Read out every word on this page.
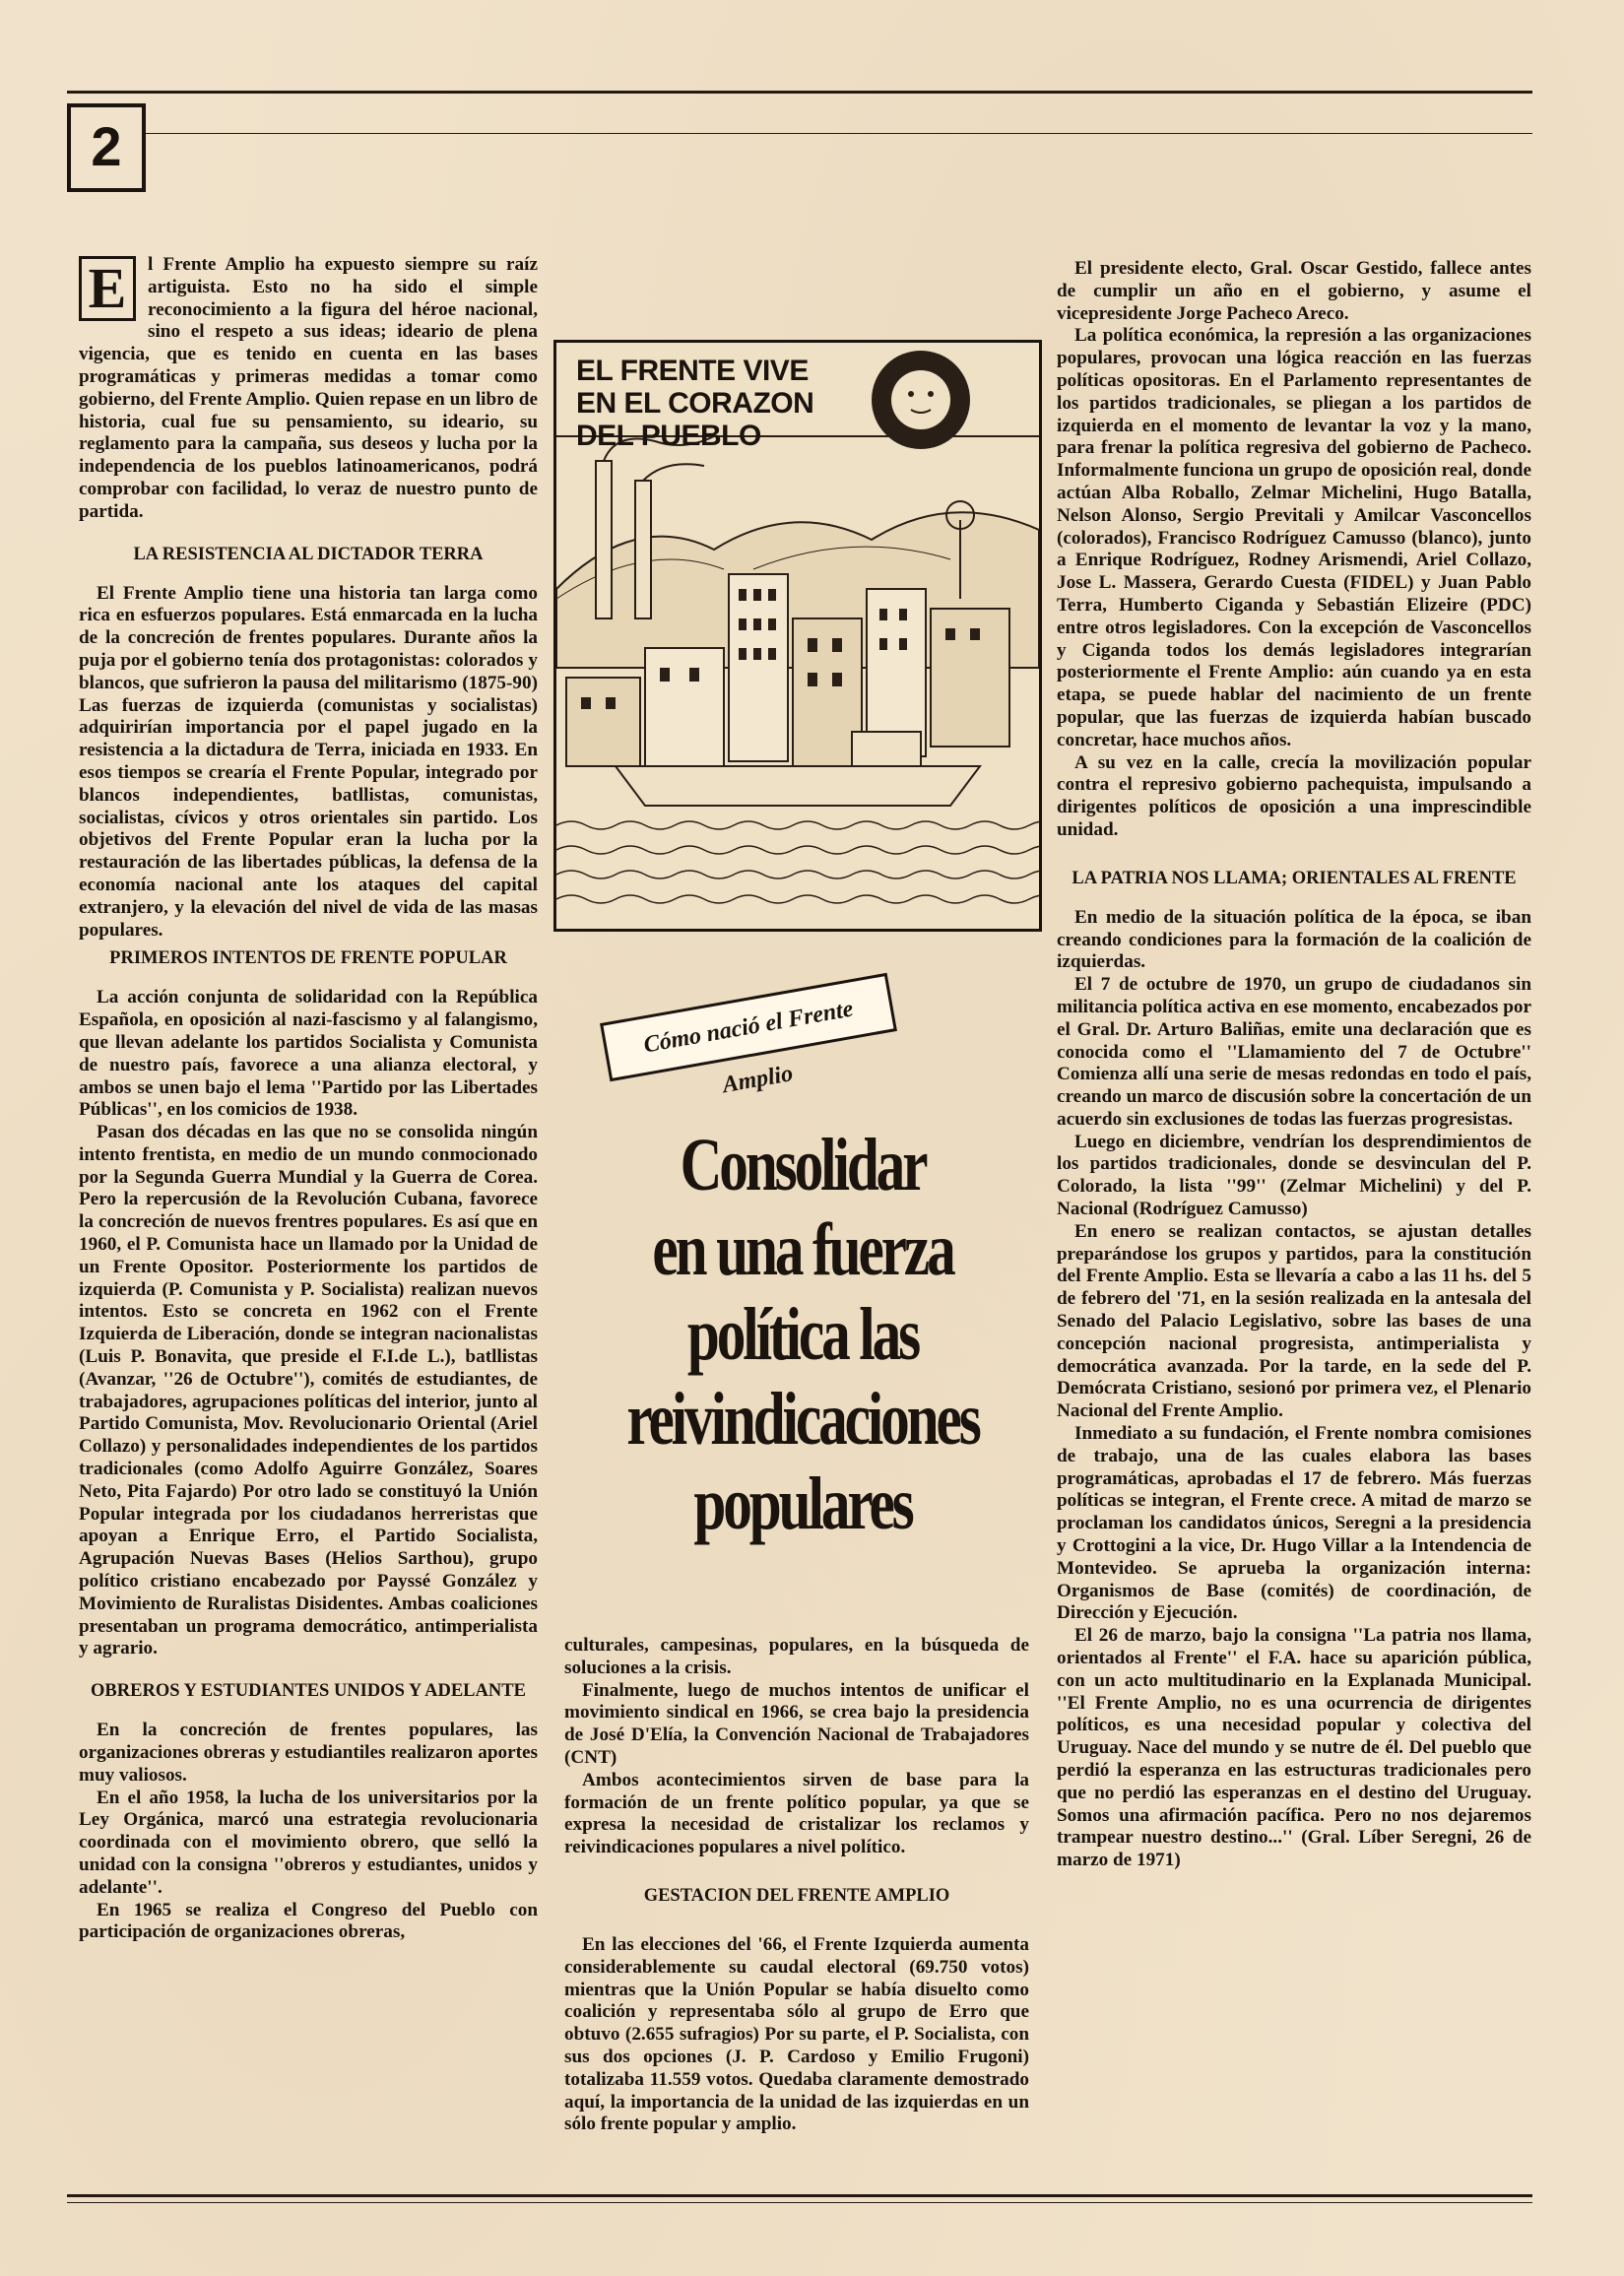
2
E	l Frente Amplio ha expuesto siempre su raíz artiguista. Esto no ha sido el simple reconocimiento a la figura del héroe nacional, sino el respeto a sus ideas; ideario de plena vigencia, que es tenido en cuenta en las bases programáticas y primeras medidas a tomar como gobierno, del Frente Amplio. Quien repase en un libro de historia, cual fue su pensamiento, su ideario, su reglamento para la campaña, sus deseos y lucha por la independencia de los pueblos latinoamericanos, podrá comprobar con facilidad, lo veraz de nuestro punto de partida.

LA RESISTENCIA AL DICTADOR TERRA

El Frente Amplio tiene una historia tan larga como rica en esfuerzos populares. Está enmarcada en la lucha de la concreción de frentes populares. Durante años la puja por el gobierno tenía dos protagonistas: colorados y blancos, que sufrieron la pausa del militarismo (1875-90) Las fuerzas de izquierda (comunistas y socialistas) adquirirían importancia por el papel jugado en la resistencia a la dictadura de Terra, iniciada en 1933. En esos tiempos se crearía el Frente Popular, integrado por blancos independientes, batllistas, comunistas, socialistas, cívicos y otros orientales sin partido. Los objetivos del Frente Popular eran la lucha por la restauración de las libertades públicas, la defensa de la economía nacional ante los ataques del capital extranjero, y la elevación del nivel de vida de las masas populares.

PRIMEROS INTENTOS DE FRENTE POPULAR

La acción conjunta de solidaridad con la República Española, en oposición al nazi-fascismo y al falangismo, que llevan adelante los partidos Socialista y Comunista de nuestro país, favorece a una alianza electoral, y ambos se unen bajo el lema ''Partido por las Libertades Públicas'', en los comicios de 1938.

Pasan dos décadas en las que no se consolida ningún intento frentista, en medio de un mundo conmocionado por la Segunda Guerra Mundial y la Guerra de Corea. Pero la repercusión de la Revolución Cubana, favorece la concreción de nuevos frentres populares. Es así que en 1960, el P. Comunista hace un llamado por la Unidad de un Frente Opositor. Posteriormente los partidos de izquierda (P. Comunista y P. Socialista) realizan nuevos intentos. Esto se concreta en 1962 con el Frente Izquierda de Liberación, donde se integran nacionalistas (Luis P. Bonavita, que preside el F.I.de L.), batllistas (Avanzar, ''26 de Octubre''), comités de estudiantes, de trabajadores, agrupaciones políticas del interior, junto al Partido Comunista, Mov. Revolucionario Oriental (Ariel Collazo) y personalidades independientes de los partidos tradicionales (como Adolfo Aguirre González, Soares Neto, Pita Fajardo) Por otro lado se constituyó la Unión Popular integrada por los ciudadanos herreristas que apoyan a Enrique Erro, el Partido Socialista, Agrupación Nuevas Bases (Helios Sarthou), grupo político cristiano encabezado por Payssé González y Movimiento de Ruralistas Disidentes. Ambas coaliciones presentaban un programa democrático, antimperialista y agrario.

OBREROS Y ESTUDIANTES UNIDOS Y ADELANTE

En la concreción de frentes populares, las organizaciones obreras y estudiantiles realizaron aportes muy valiosos.

En el año 1958, la lucha de los universitarios por la Ley Orgánica, marcó una estrategia revolucionaria coordinada con el movimiento obrero, que selló la unidad con la consigna ''obreros y estudiantes, unidos y adelante''.

En 1965 se realiza el Congreso del Pueblo con participación de organizaciones obreras,

EL FRENTE VIVE
EN EL CORAZON
DEL PUEBLO
Cómo nació el Frente Amplio
Consolidar
en una fuerza
política las
reivindicaciones
populares

culturales, campesinas, populares, en la búsqueda de soluciones a la crisis.

Finalmente, luego de muchos intentos de unificar el movimiento sindical en 1966, se crea bajo la presidencia de José D'Elía, la Convención Nacional de Trabajadores (CNT)

Ambos acontecimientos sirven de base para la formación de un frente político popular, ya que se expresa la necesidad de cristalizar los reclamos y reivindicaciones populares a nivel político.

GESTACION DEL FRENTE AMPLIO

En las elecciones del '66, el Frente Izquierda aumenta considerablemente su caudal electoral (69.750 votos) mientras que la Unión Popular se había disuelto como coalición y representaba sólo al grupo de Erro que obtuvo (2.655 sufragios) Por su parte, el P. Socialista, con sus dos opciones (J. P. Cardoso y Emilio Frugoni) totalizaba 11.559 votos. Quedaba claramente demostrado aquí, la importancia de la unidad de las izquierdas en un sólo frente popular y amplio.

El presidente electo, Gral. Oscar Gestido, fallece antes de cumplir un año en el gobierno, y asume el vicepresidente Jorge Pacheco Areco.

La política económica, la represión a las organizaciones populares, provocan una lógica reacción en las fuerzas políticas opositoras. En el Parlamento representantes de los partidos tradicionales, se pliegan a los partidos de izquierda en el momento de levantar la voz y la mano, para frenar la política regresiva del gobierno de Pacheco. Informalmente funciona un grupo de oposición real, donde actúan Alba Roballo, Zelmar Michelini, Hugo Batalla, Nelson Alonso, Sergio Previtali y Amilcar Vasconcellos (colorados), Francisco Rodríguez Camusso (blanco), junto a Enrique Rodríguez, Rodney Arismendi, Ariel Collazo, Jose L. Massera, Gerardo Cuesta (FIDEL) y Juan Pablo Terra, Humberto Ciganda y Sebastián Elizeire (PDC) entre otros legisladores. Con la excepción de Vasconcellos y Ciganda todos los demás legisladores integrarían posteriormente el Frente Amplio: aún cuando ya en esta etapa, se puede hablar del nacimiento de un frente popular, que las fuerzas de izquierda habían buscado concretar, hace muchos años.

A su vez en la calle, crecía la movilización popular contra el represivo gobierno pachequista, impulsando a dirigentes políticos de oposición a una imprescindible unidad.

LA PATRIA NOS LLAMA; ORIENTALES AL FRENTE

En medio de la situación política de la época, se iban creando condiciones para la formación de la coalición de izquierdas.

El 7 de octubre de 1970, un grupo de ciudadanos sin militancia política activa en ese momento, encabezados por el Gral. Dr. Arturo Baliñas, emite una declaración que es conocida como el ''Llamamiento del 7 de Octubre'' Comienza allí una serie de mesas redondas en todo el país, creando un marco de discusión sobre la concertación de un acuerdo sin exclusiones de todas las fuerzas progresistas.

Luego en diciembre, vendrían los desprendimientos de los partidos tradicionales, donde se desvinculan del P. Colorado, la lista ''99'' (Zelmar Michelini) y del P. Nacional (Rodríguez Camusso)

En enero se realizan contactos, se ajustan detalles preparándose los grupos y partidos, para la constitución del Frente Amplio. Esta se llevaría a cabo a las 11 hs. del 5 de febrero del '71, en la sesión realizada en la antesala del Senado del Palacio Legislativo, sobre las bases de una concepción nacional progresista, antimperialista y democrática avanzada. Por la tarde, en la sede del P. Demócrata Cristiano, sesionó por primera vez, el Plenario Nacional del Frente Amplio.

Inmediato a su fundación, el Frente nombra comisiones de trabajo, una de las cuales elabora las bases programáticas, aprobadas el 17 de febrero. Más fuerzas políticas se integran, el Frente crece. A mitad de marzo se proclaman los candidatos únicos, Seregni a la presidencia y Crottogini a la vice, Dr. Hugo Villar a la Intendencia de Montevideo. Se aprueba la organización interna: Organismos de Base (comités) de coordinación, de Dirección y Ejecución.

El 26 de marzo, bajo la consigna ''La patria nos llama, orientados al Frente'' el F.A. hace su aparición pública, con un acto multitudinario en la Explanada Municipal. ''El Frente Amplio, no es una ocurrencia de dirigentes políticos, es una necesidad popular y colectiva del Uruguay. Nace del mundo y se nutre de él. Del pueblo que perdió la esperanza en las estructuras tradicionales pero que no perdió las esperanzas en el destino del Uruguay. Somos una afirmación pacífica. Pero no nos dejaremos trampear nuestro destino...'' (Gral. Líber Seregni, 26 de marzo de 1971)
